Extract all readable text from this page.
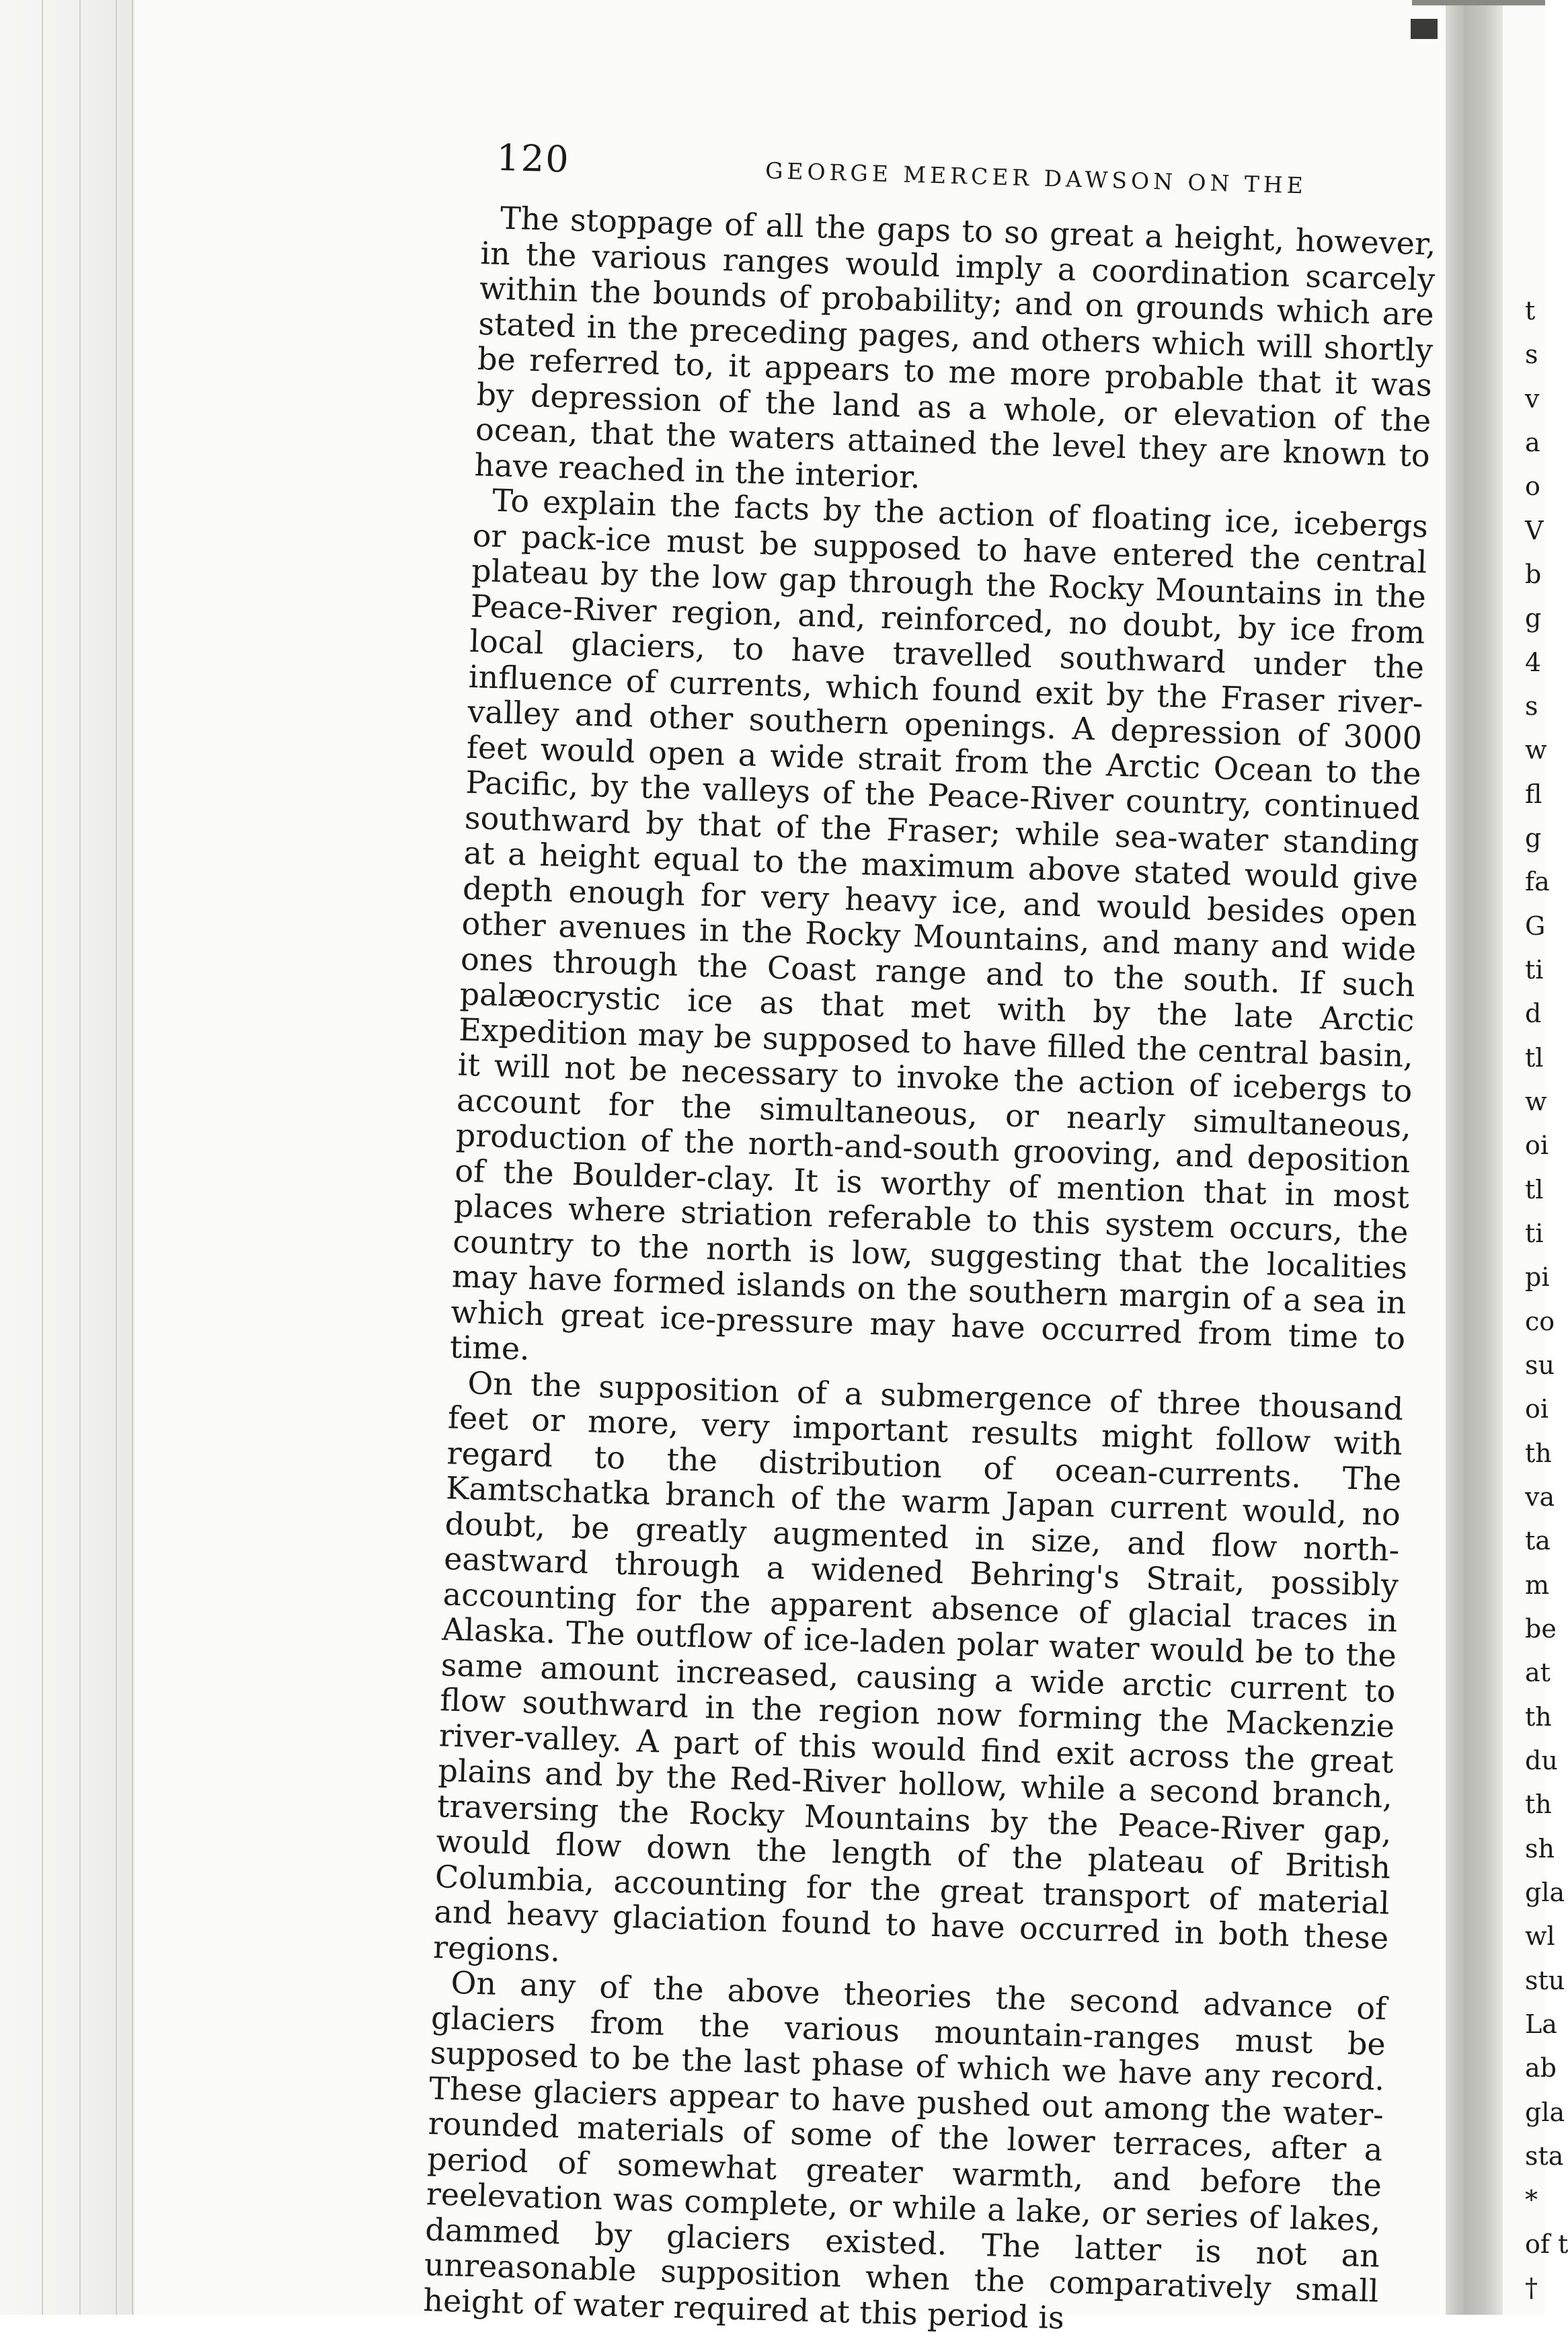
120	GEORGE MERCER DAWSON ON THE

The stoppage of all the gaps to so great a height, however, in the various ranges would imply a coordination scarcely within the bounds of probability; and on grounds which are stated in the preceding pages, and others which will shortly be referred to, it appears to me more probable that it was by depression of the land as a whole, or elevation of the ocean, that the waters attained the level they are known to have reached in the interior.

To explain the facts by the action of floating ice, icebergs or pack-ice must be supposed to have entered the central plateau by the low gap through the Rocky Mountains in the Peace-River region, and, reinforced, no doubt, by ice from local glaciers, to have travelled southward under the influence of currents, which found exit by the Fraser river-valley and other southern openings. A depression of 3000 feet would open a wide strait from the Arctic Ocean to the Pacific, by the valleys of the Peace-River country, continued southward by that of the Fraser; while sea-water standing at a height equal to the maximum above stated would give depth enough for very heavy ice, and would besides open other avenues in the Rocky Mountains, and many and wide ones through the Coast range and to the south. If such palæocrystic ice as that met with by the late Arctic Expedition may be supposed to have filled the central basin, it will not be necessary to invoke the action of icebergs to account for the simultaneous, or nearly simultaneous, production of the north-and-south grooving, and deposition of the Boulder-clay. It is worthy of mention that in most places where striation referable to this system occurs, the country to the north is low, suggesting that the localities may have formed islands on the southern margin of a sea in which great ice-pressure may have occurred from time to time.

On the supposition of a submergence of three thousand feet or more, very important results might follow with regard to the distribution of ocean-currents. The Kamtschatka branch of the warm Japan current would, no doubt, be greatly augmented in size, and flow north-eastward through a widened Behring's Strait, possibly accounting for the apparent absence of glacial traces in Alaska. The outflow of ice-laden polar water would be to the same amount increased, causing a wide arctic current to flow southward in the region now forming the Mackenzie river-valley. A part of this would find exit across the great plains and by the Red-River hollow, while a second branch, traversing the Rocky Mountains by the Peace-River gap, would flow down the length of the plateau of British Columbia, accounting for the great transport of material and heavy glaciation found to have occurred in both these regions.

On any of the above theories the second advance of glaciers from the various mountain-ranges must be supposed to be the last phase of which we have any record. These glaciers appear to have pushed out among the water-rounded materials of some of the lower terraces, after a period of somewhat greater warmth, and before the reelevation was complete, or while a lake, or series of lakes, dammed by glaciers existed. The latter is not an unreasonable supposition when the comparatively small height of water required at this period is

t
s
v
a
o
V
b
g
4
s
w
fl
g
fa
G
ti
d
tl
w
oi
tl
ti
pi
co
su
oi
th
va
ta
m
be
at
th
du
th
sh
gla
wl
stu
La
ab
gla
sta
*
of t
†
